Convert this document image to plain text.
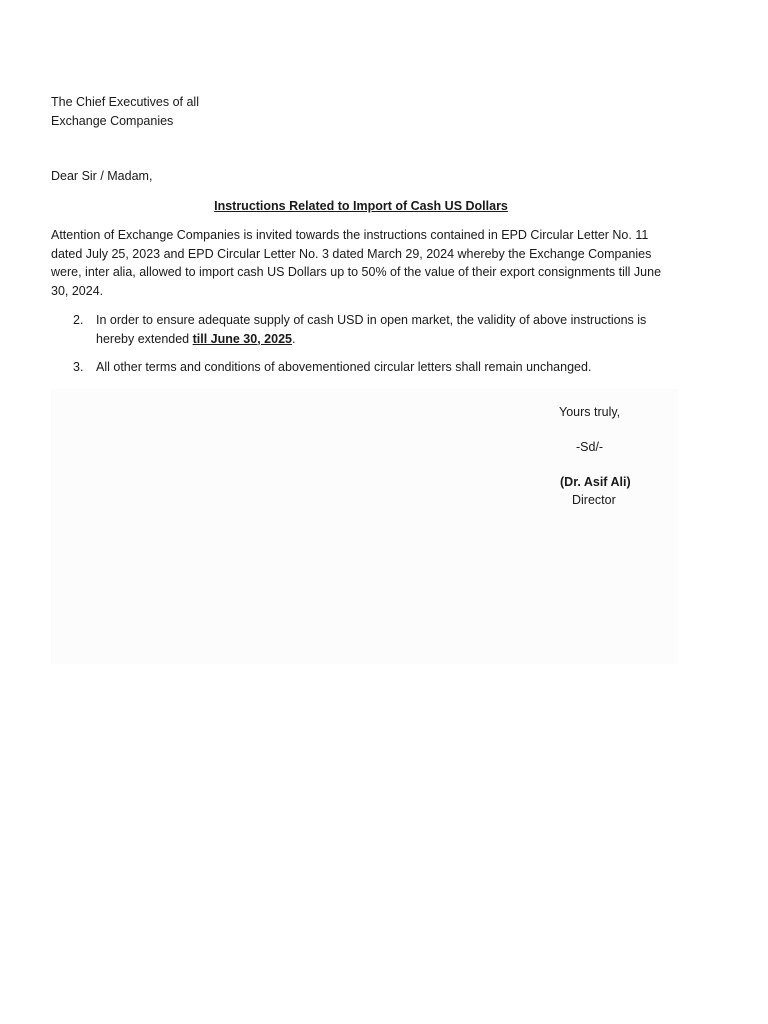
The Chief Executives of all
Exchange Companies
Dear Sir / Madam,
Instructions Related to Import of Cash US Dollars
Attention of Exchange Companies is invited towards the instructions contained in EPD Circular Letter No. 11 dated July 25, 2023 and EPD Circular Letter No. 3 dated March 29, 2024 whereby the Exchange Companies were, inter alia, allowed to import cash US Dollars up to 50% of the value of their export consignments till June 30, 2024.
2. In order to ensure adequate supply of cash USD in open market, the validity of above instructions is hereby extended till June 30, 2025.
3. All other terms and conditions of abovementioned circular letters shall remain unchanged.
Yours truly,
-Sd/-
(Dr. Asif Ali)
Director
